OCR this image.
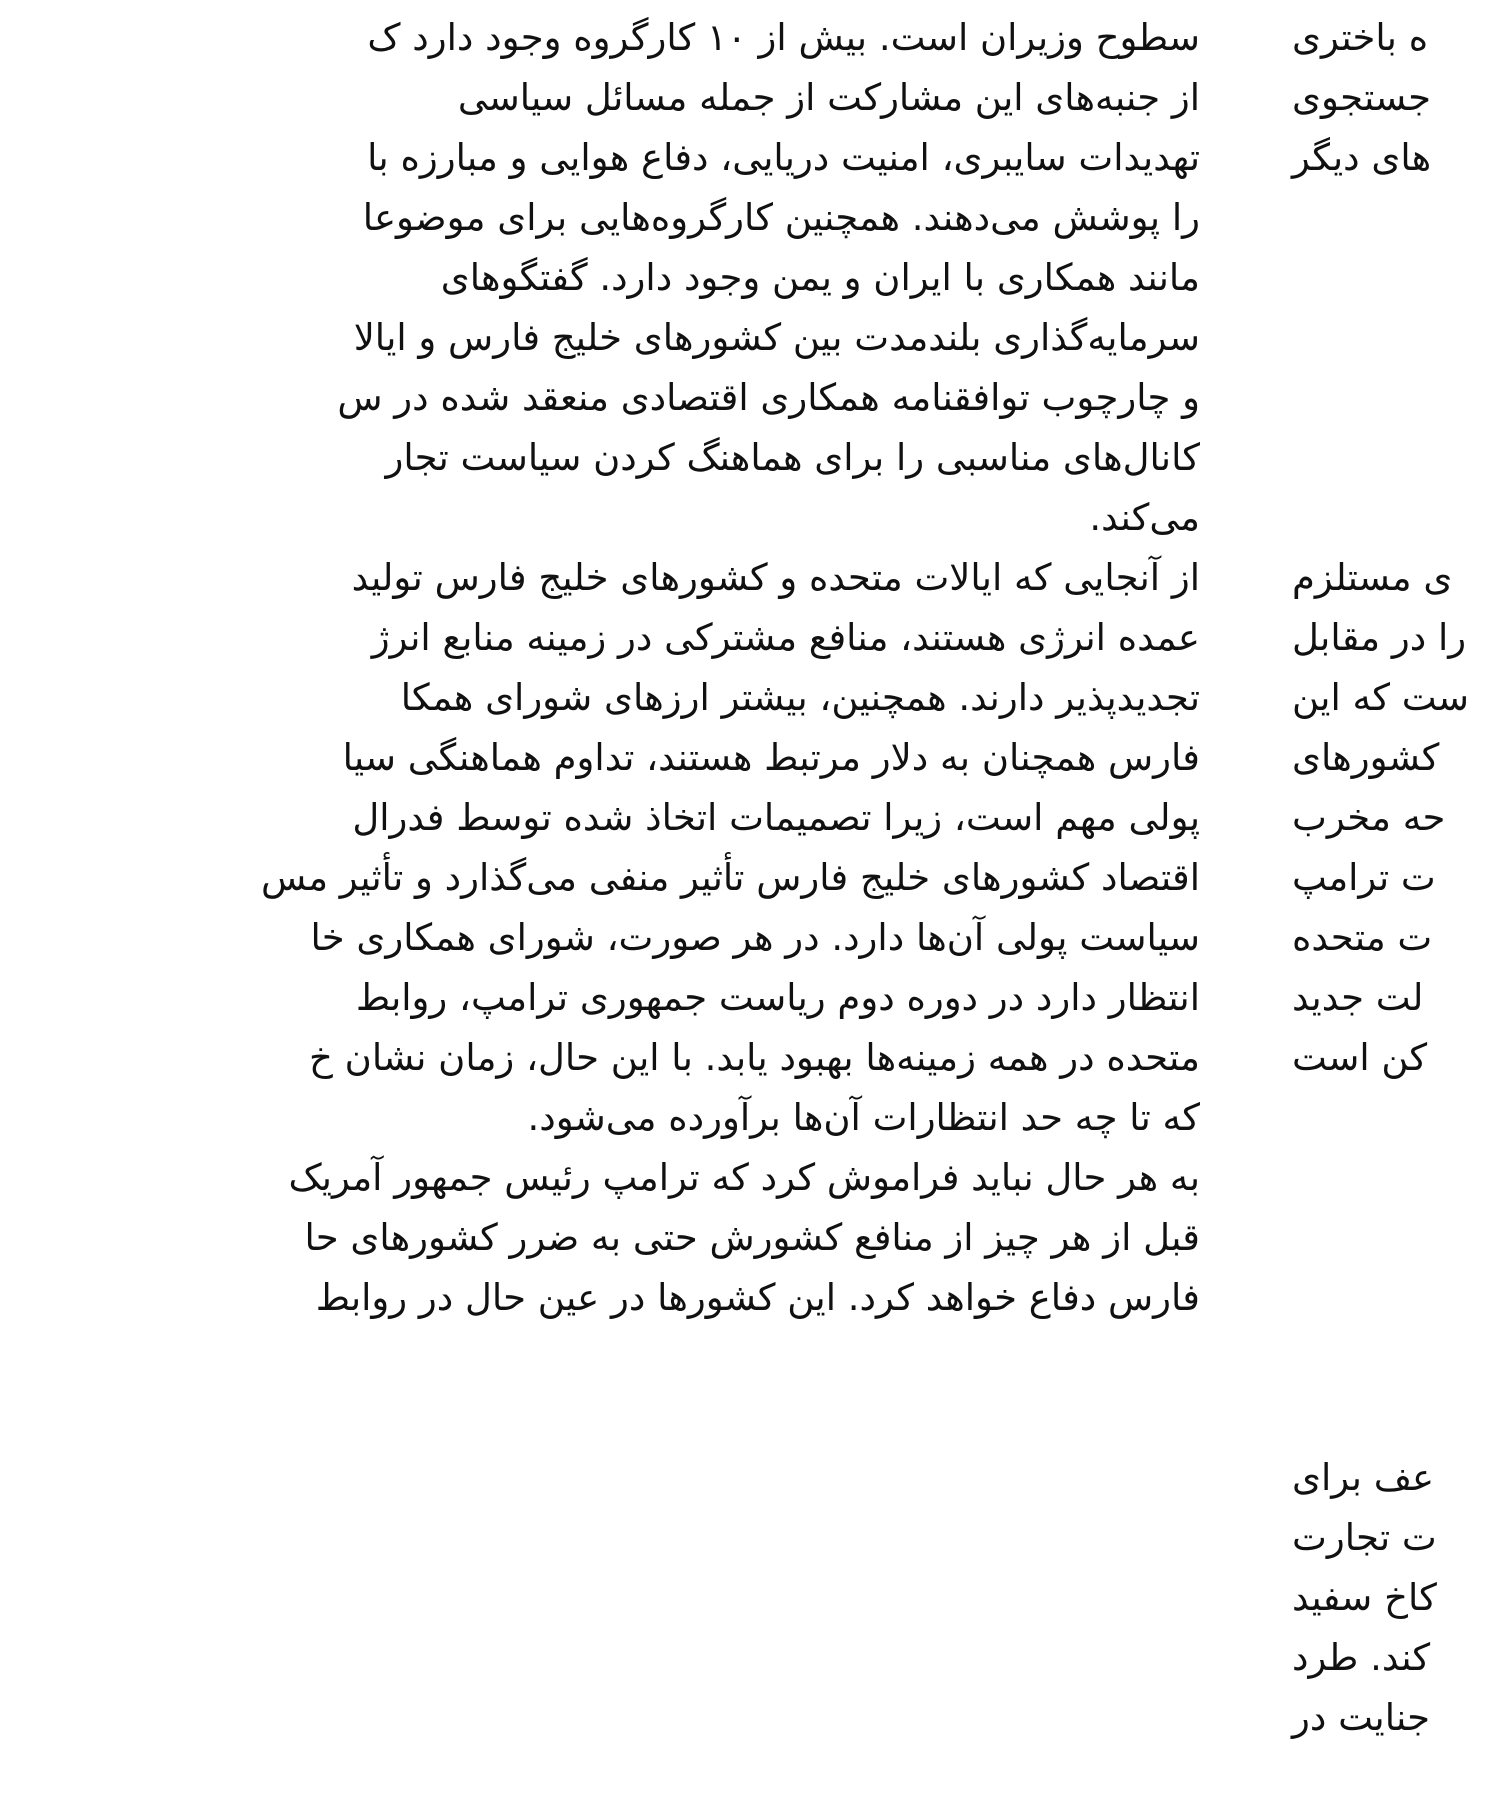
سطوح وزیران است. بیش از ۱۰ کارگروه وجود دارد ک
از جنبه‌های این مشارکت از جمله مسائل سیاسی
تهدیدات سایبری، امنیت دریایی، دفاع هوایی و مبارزه با
را پوشش می‌دهند. همچنین کارگروه‌هایی برای موضوعا
مانند همکاری با ایران و یمن وجود دارد. گفتگوهای
سرمایه‌گذاری بلندمدت بین کشورهای خلیج فارس و ایالا
و چارچوب توافقنامه همکاری اقتصادی منعقد شده در س
کانال‌های مناسبی را برای هماهنگ کردن سیاست تجار
می‌کند.
از آنجایی که ایالات متحده و کشورهای خلیج فارس تولید
عمده انرژی هستند، منافع مشترکی در زمینه منابع انرژ
تجدیدپذیر دارند. همچنین، بیشتر ارزهای شورای همکا
فارس همچنان به دلار مرتبط هستند، تداوم هماهنگی سیا
پولی مهم است، زیرا تصمیمات اتخاذ شده توسط فدرال
اقتصاد کشورهای خلیج فارس تأثیر منفی می‌گذارد و تأثیر مس
سیاست پولی آن‌ها دارد. در هر صورت، شورای همکاری خا
انتظار دارد در دوره دوم ریاست جمهوری ترامپ، روابط
متحده در همه زمینه‌ها بهبود یابد. با این حال، زمان نشان خ
که تا چه حد انتظارات آن‌ها برآورده می‌شود.
به هر حال نباید فراموش کرد که ترامپ رئیس جمهور آمریک
قبل از هر چیز از منافع کشورش حتی به ضرر کشورهای حا
فارس دفاع خواهد کرد. این کشورها در عین حال در روابط
ه باختری
جستجوی
های دیگر
ی مستلزم
را در مقابل
ست که این
کشورهای
حه مخرب
ت ترامپ
ت متحده
لت جدید
کن است
عف برای
ت تجارت
کاخ سفید
کند. طرد
جنایت در
